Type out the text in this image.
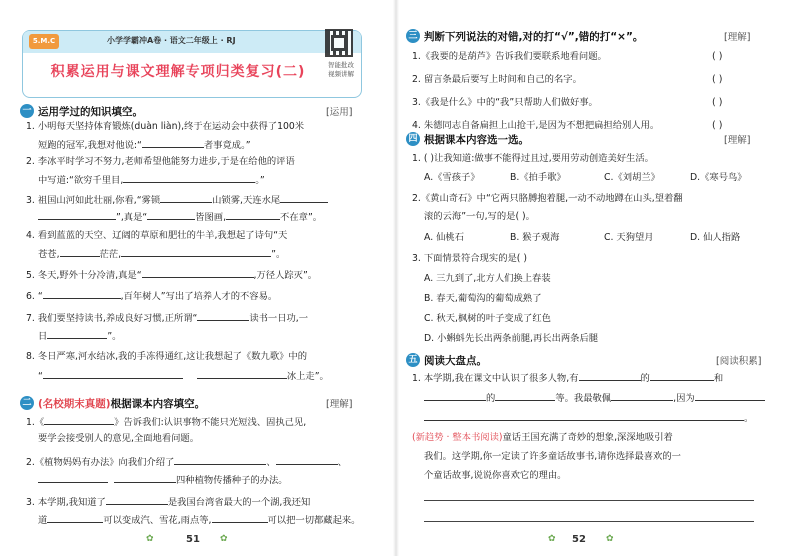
5.M.C	小学学霸冲A卷 · 语文二年级上 · RJ
积累运用与课文理解专项归类复习(二)	智能批改
视频讲解
一 运用学过的知识填空。	[运用]
1. 小明每天坚持体育锻炼(duàn liàn),终于在运动会中获得了100米
短跑的冠军,我想对他说:“	者事竟成。”
2. 李冰平时学习不努力,老师希望他能努力进步,于是在给他的评语
中写道:“欲穷千里目,	。”
3. 祖国山河如此壮丽,你看,“雾锁	山锁雾,天连水尾
”,真是“	皆图画,	不在章”。
4. 看到蓝蓝的天空、辽阔的草原和肥壮的牛羊,我想起了诗句“天
苍苍,	茫茫,	”。
5. 冬天,野外十分冷清,真是“	,万径人踪灭”。
6. “	,百年树人”写出了培养人才的不容易。
7. 我们要坚持读书,养成良好习惯,正所谓“	读书一日功,一
日	”。
8. 冬日严寒,河水结冰,我的手冻得通红,这让我想起了《数九歌》中的
“	冰上走”。
二 (名校期末真题) 根据课本内容填空。	[理解]
1.《	》告诉我们:认识事物不能只光短浅、固执己见,
要学会接受别人的意见,全面地看问题。
2.《植物妈妈有办法》向我们介绍了	、	、
四种植物传播种子的办法。
3. 本学期,我知道了	是我国台湾省最大的一个湖,我还知
道	可以变成汽、雪花,雨点等,	可以把一切都藏起来。
✿	51 ✿
三 判断下列说法的对错,对的打“√”,错的打“×”。	[理解]
1.《我要的是葫芦》告诉我们要联系地看问题。	( )
2. 留言条最后要写上时间和自己的名字。	( )
3.《我是什么》中的“我”只帮助人们做好事。	( )
4. 朱德同志自备扁担上山抢干,是因为不想把扁担给别人用。	( )
四 根据课本内容选一选。	[理解]
1. ( )让我知道:做事不能得过且过,要用劳动创造美好生活。
A.《雪孩子》	B.《拍手歌》	C.《刘胡兰》	D.《寒号鸟》
2.《黄山奇石》中“它两只胳膊抱着腿,一动不动地蹲在山头,望着翻
滚的云海”一句,写的是( )。
A. 仙桃石	B. 猴子观海	C. 天狗望月	D. 仙人指路
3. 下面情景符合现实的是( )
A. 三九到了,北方人们换上春装
B. 春天,葡萄沟的葡萄成熟了
C. 秋天,枫树的叶子变成了红色
D. 小蝌蚪先长出两条前腿,再长出两条后腿
五 阅读大盘点。	[阅读积累]
1. 本学期,我在课文中认识了很多人物,有	的	和
的	等。我最敬佩	,因为
。
(新趋势 · 整本书阅读)童话王国充满了奇妙的想象,深深地吸引着
我们。这学期,你一定读了许多童话故事书,请你选择最喜欢的一
个童话故事,说说你喜欢它的理由。
✿ 52 ✿
